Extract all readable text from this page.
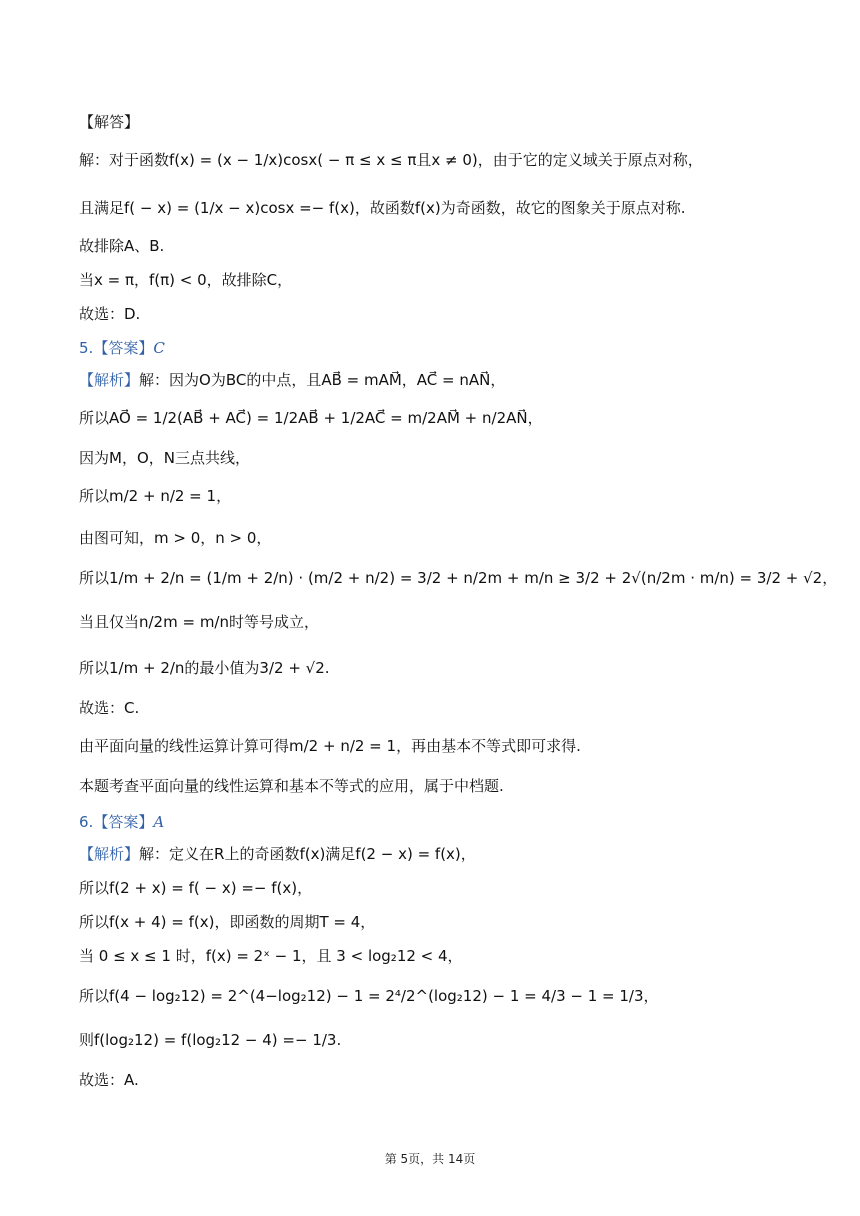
【解答】
解：对于函数f(x) = (x − 1/x)cosx( − π ≤ x ≤ π且x ≠ 0)，由于它的定义域关于原点对称，
且满足f( − x) = (1/x − x)cosx =− f(x)，故函数f(x)为奇函数，故它的图象关于原点对称.
故排除A、B.
当x = π，f(π) < 0，故排除C，
故选：D.
5.【答案】C
【解析】解：因为O为BC的中点，且AB⃗ = mAM⃗，AC⃗ = nAN⃗，
所以AO⃗ = 1/2(AB⃗ + AC⃗) = 1/2AB⃗ + 1/2AC⃗ = m/2AM⃗ + n/2AN⃗，
因为M，O，N三点共线，
所以m/2 + n/2 = 1，
由图可知，m > 0，n > 0，
所以1/m + 2/n = (1/m + 2/n) · (m/2 + n/2) = 3/2 + n/2m + m/n ≥ 3/2 + 2√(n/2m · m/n) = 3/2 + √2，
当且仅当n/2m = m/n时等号成立，
所以1/m + 2/n的最小值为3/2 + √2.
故选：C.
由平面向量的线性运算计算可得m/2 + n/2 = 1，再由基本不等式即可求得.
本题考查平面向量的线性运算和基本不等式的应用，属于中档题.
6.【答案】A
【解析】解：定义在R上的奇函数f(x)满足f(2 − x) = f(x)，
所以f(2 + x) = f( − x) =− f(x)，
所以f(x + 4) = f(x)，即函数的周期T = 4，
当 0 ≤ x ≤ 1 时，f(x) = 2ˣ − 1，且 3 < log₂12 < 4，
所以f(4 − log₂12) = 2^(4−log₂12) − 1 = 2⁴/2^(log₂12) − 1 = 4/3 − 1 = 1/3，
则f(log₂12) = f(log₂12 − 4) =− 1/3.
故选：A.
第 5页，共 14页
